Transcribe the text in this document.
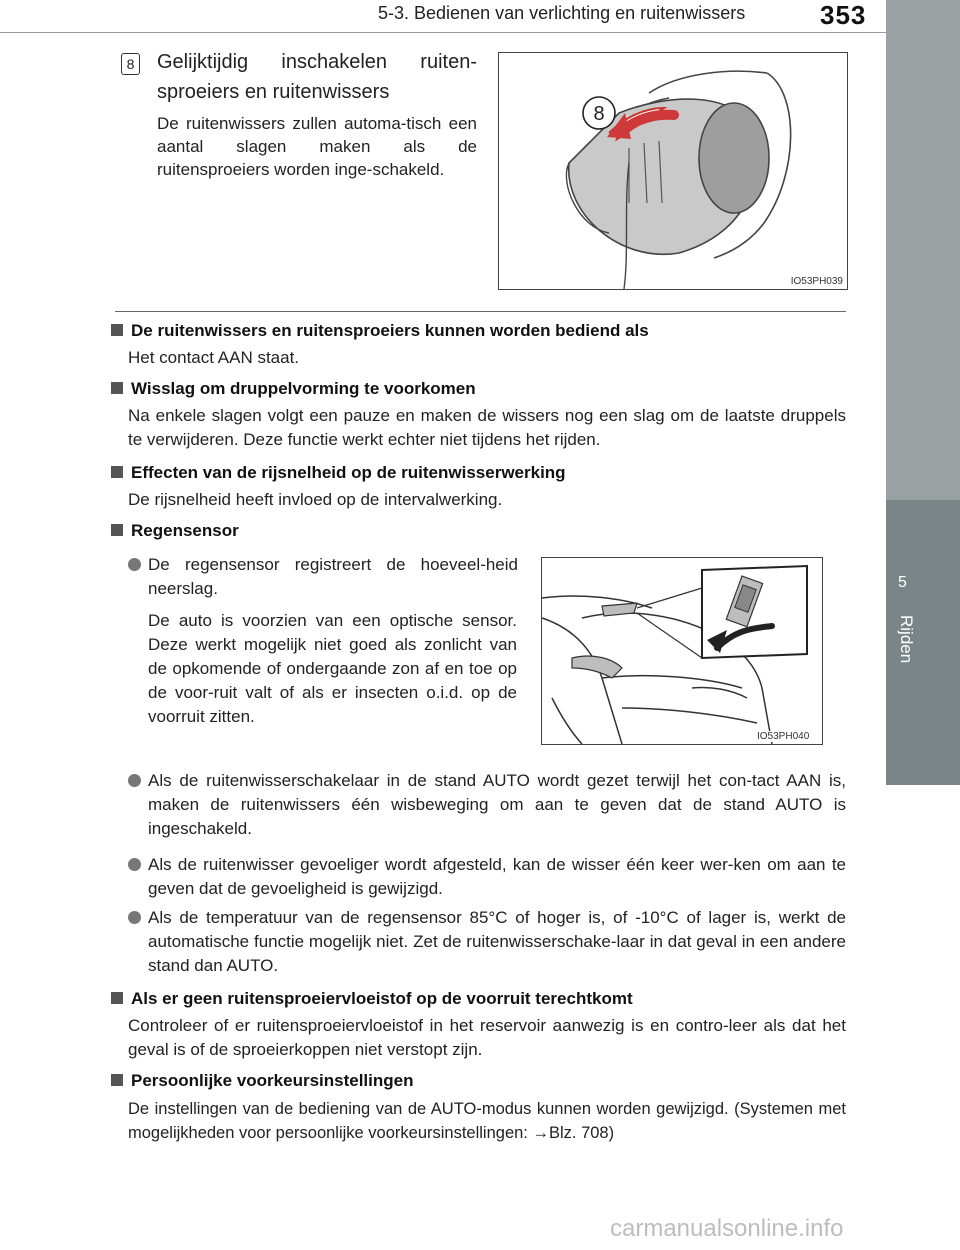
5-3. Bedienen van verlichting en ruitenwissers	353
5
Rijden
8 Gelijktijdig inschakelen ruiten-sproeiers en ruitenwissers
De ruitenwissers zullen automa-tisch een aantal slagen maken als de ruitensproeiers worden inge-schakeld.
8
IO53PH039
De ruitenwissers en ruitensproeiers kunnen worden bediend als
Het contact AAN staat.
Wisslag om druppelvorming te voorkomen
Na enkele slagen volgt een pauze en maken de wissers nog een slag om de laatste druppels te verwijderen. Deze functie werkt echter niet tijdens het rijden.
Effecten van de rijsnelheid op de ruitenwisserwerking
De rijsnelheid heeft invloed op de intervalwerking.
Regensensor
De regensensor registreert de hoeveel-heid neerslag.
De auto is voorzien van een optische sensor. Deze werkt mogelijk niet goed als zonlicht van de opkomende of ondergaande zon af en toe op de voor-ruit valt of als er insecten o.i.d. op de voorruit zitten.
IO53PH040
Als de ruitenwisserschakelaar in de stand AUTO wordt gezet terwijl het con-tact AAN is, maken de ruitenwissers één wisbeweging om aan te geven dat de stand AUTO is ingeschakeld.
Als de ruitenwisser gevoeliger wordt afgesteld, kan de wisser één keer wer-ken om aan te geven dat de gevoeligheid is gewijzigd.
Als de temperatuur van de regensensor 85°C of hoger is, of -10°C of lager is, werkt de automatische functie mogelijk niet. Zet de ruitenwisserschake-laar in dat geval in een andere stand dan AUTO.
Als er geen ruitensproeiervloeistof op de voorruit terechtkomt
Controleer of er ruitensproeiervloeistof in het reservoir aanwezig is en contro-leer als dat het geval is of de sproeierkoppen niet verstopt zijn.
Persoonlijke voorkeursinstellingen
De instellingen van de bediening van de AUTO-modus kunnen worden gewijzigd. (Systemen met mogelijkheden voor persoonlijke voorkeursinstellingen: →Blz. 708)
carmanualsonline.info
